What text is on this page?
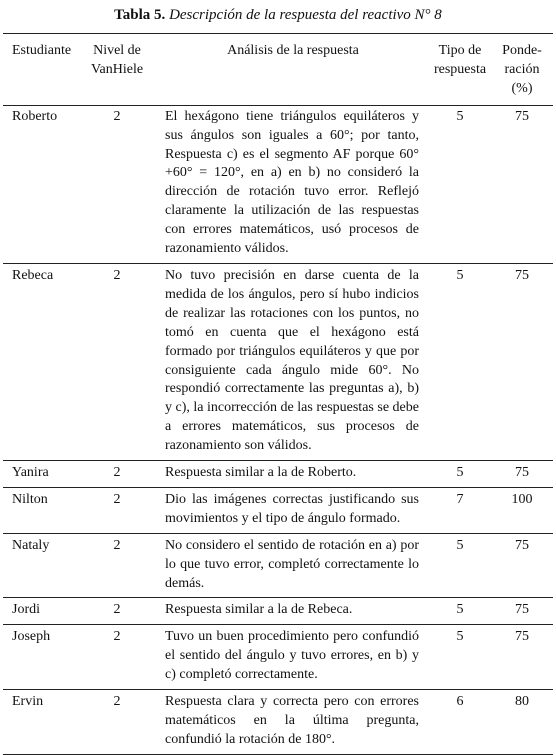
Tabla 5. Descripción de la respuesta del reactivo N° 8
Estudiante	Nivel de VanHiele	Análisis de la respuesta	Tipo de respuesta	Ponde-ración (%)
Roberto	2	El hexágono tiene triángulos equiláteros y sus ángulos son iguales a 60°; por tanto, Respuesta c) es el segmento AF porque 60°+60° = 120°, en a) en b) no consideró la dirección de rotación tuvo error. Reflejó claramente la utilización de las respuestas con errores matemáticos, usó procesos de razonamiento válidos.	5	75
Rebeca	2	No tuvo precisión en darse cuenta de la medida de los ángulos, pero sí hubo indicios de realizar las rotaciones con los puntos, no tomó en cuenta que el hexágono está formado por triángulos equiláteros y que por consiguiente cada ángulo mide 60°. No respondió correctamente las preguntas a), b) y c), la incorrección de las respuestas se debe a errores matemáticos, sus procesos de razonamiento son válidos.	5	75
Yanira	2	Respuesta similar a la de Roberto.	5	75
Nilton	2	Dio las imágenes correctas justificando sus movimientos y el tipo de ángulo formado.	7	100
Nataly	2	No considero el sentido de rotación en a) por lo que tuvo error, completó correctamente lo demás.	5	75
Jordi	2	Respuesta similar a la de Rebeca.	5	75
Joseph	2	Tuvo un buen procedimiento pero confundió el sentido del ángulo y tuvo errores, en b) y c) completó correctamente.	5	75
Ervin	2	Respuesta clara y correcta pero con errores matemáticos en la última pregunta, confundió la rotación de 180°.	6	80
